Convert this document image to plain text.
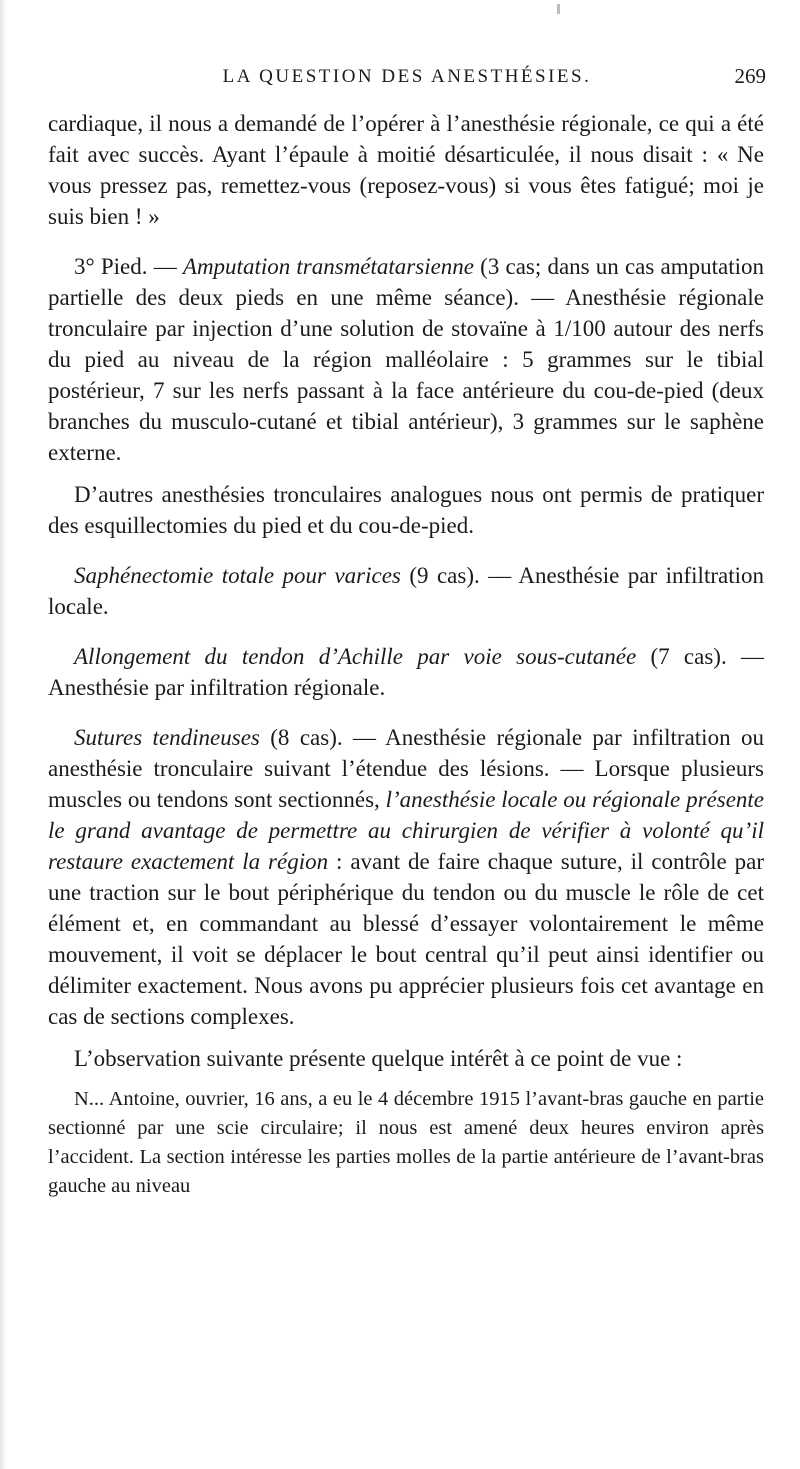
LA QUESTION DES ANESTHÉSIES.	269

cardiaque, il nous a demandé de l’opérer à l’anesthésie régionale, ce qui a été fait avec succès. Ayant l’épaule à moitié désarticulée, il nous disait : « Ne vous pressez pas, remettez-vous (reposez-vous) si vous êtes fatigué; moi je suis bien ! »

3° Pied. — Amputation transmétatarsienne (3 cas; dans un cas amputation partielle des deux pieds en une même séance). — Anesthésie régionale tronculaire par injection d’une solution de stovaïne à 1/100 autour des nerfs du pied au niveau de la région malléolaire : 5 grammes sur le tibial postérieur, 7 sur les nerfs passant à la face antérieure du cou-de-pied (deux branches du musculo-cutané et tibial antérieur), 3 grammes sur le saphène externe.

D’autres anesthésies tronculaires analogues nous ont permis de pratiquer des esquillectomies du pied et du cou-de-pied.

Saphénectomie totale pour varices (9 cas). — Anesthésie par infiltration locale.

Allongement du tendon d’Achille par voie sous-cutanée (7 cas). — Anesthésie par infiltration régionale.

Sutures tendineuses (8 cas). — Anesthésie régionale par infiltration ou anesthésie tronculaire suivant l’étendue des lésions. — Lorsque plusieurs muscles ou tendons sont sectionnés, l’anesthésie locale ou régionale présente le grand avantage de permettre au chirurgien de vérifier à volonté qu’il restaure exactement la région : avant de faire chaque suture, il contrôle par une traction sur le bout périphérique du tendon ou du muscle le rôle de cet élément et, en commandant au blessé d’essayer volontairement le même mouvement, il voit se déplacer le bout central qu’il peut ainsi identifier ou délimiter exactement. Nous avons pu apprécier plusieurs fois cet avantage en cas de sections complexes.

L’observation suivante présente quelque intérêt à ce point de vue :

N... Antoine, ouvrier, 16 ans, a eu le 4 décembre 1915 l’avant-bras gauche en partie sectionné par une scie circulaire; il nous est amené deux heures environ après l’accident. La section intéresse les parties molles de la partie antérieure de l’avant-bras gauche au niveau
